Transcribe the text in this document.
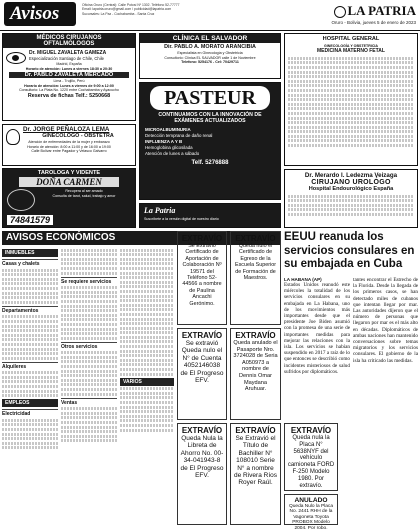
Avisos	Oficina Oruro (Central): Calle Potosí Nº 1302. Teléfono 52-77777
Email: lapatria.oruro@gmail.com / publicidad@lapatria.com
Sucursales: La Paz - Cochabamba - Santa Cruz	LA PATRIA
Oruro - Bolivia, jueves 5 de enero de 2023
MÉDICOS CIRUJANOS
OFTALMÓLOGOS
Dr. MIGUEL ZAVALETA GAMEZA
Especialización Santiago de Chile, Chile
Madrid, España
Horario de atención: Lunes a viernes 18:30 a 20:30
Dr. PABLO ZAVALETA MERCADO
Lima - Trujillo, Perú
Horario de atención: Lunes a viernes de 9:00 a 12:00
Consultorio: La Plata No. 1220 entre Cochabamba y Ayacucho
Reserva de fichas Telf.: 5250668
Dr. JORGE PEÑALOZA LEMA
GINECÓLOGO - OBSTETRA
Atención de enfermedades de la mujer y embarazo
Horario de atención: 8:00 a 11:00 y de 16:00 a 19:00
Calle Bolívar entre Pagador y Velasco Galvarro
TAROLOGA Y VIDENTE
DOÑA CARMEN
Recupera al ser amado
Consulta de tarot, salud, trabajo y amor
74841579
CLÍNICA EL SALVADOR
Dir. PABLO A. MORATO ARANCIBIA
Especialista en Ginecología y Obstetricia
Consultorio: Clínica EL SALVADOR calle 1 de Noviembre
Telefono: 5254176 - Cel: 70429711
PASTEUR
CONTINUAMOS CON LA INNOVACIÓN DE EXÁMENES ACTUALIZADOS
MICROALBUMINURIA
Detección temprana de daño renal
INFLUENZA A Y B
Hemoglobina glicosilada
Atención de lunes a sábado
Telf. 5276888
La Patria
Suscríbete a la versión digital de nuestro diario
HOSPITAL GENERAL
GINECOLOGÍA Y OBSTETRICIA
MEDICINA MATERNO FETAL
Dr. Merardo I. Ledezma Veizaga
CIRUJANO UROLÓGO
Hospital Endourológico España
AVISOS ECONÓMICOS
INMUEBLES
Casas y chalets
Departamentos
Alquileres
EMPLEOS
Electricidad
Se requiere servicios
Otros servicios
Ventas
VARIOS
EXTRAVÍO
Se Extravió Certificado de Aportación de Colaboración Nº 19571 del Teléfono 52-44566 a nombre de Paulina Ancachi Gerónimo.
EXTRAVÍO
Se extravió Queda nulo el N° de Cuenta 4052146038 de El Progreso EFV.
EXTRAVÍO
Queda Nula la Libreta de Ahorro No. 00-34-041943-8 de El Progreso EFV.
EXTRAVÍO
Queda anulado el Pasaporte Nro. 3724028 de Seria A050973 a nombre de Dennis Omar Maydana Aruhuar.
EXTRAVÍO
Se Extravió el Título de Bachiller N° 108010 Serie N° a nombre de Rivera Ríos Royer Raúl.
EXTRAVÍO
Queda nula la Placa N° 5638NYF del vehículo camioneta FORD F-250 Modelo 1980. Por extravío.
EXTRAVÍO
Queda nulo el Certificado de Egreso de la Escuela Superior de Formación de Maestros.
ANULADO
Queda Nulo la Placa No. 2441 RHH de la Vagoneta Toyota PROBOX Modelo 2004. Por robo.
EEUU reanuda los servicios consulares en su embajada en Cuba
LA HABANA (AP)
Estados Unidos reanudó este miércoles la totalidad de los servicios consulares en su embajada en La Habana, uno de los movimientos más importantes desde que el presidente Joe Biden asumió con la promesa de una serie de importantes medidas para mejorar las relaciones con la isla. Los servicios se habían suspendido en 2017 a raíz de lo que entonces se describió como incidentes misteriosos de salud sufridos por diplomáticos.
tantes encontrar el Estrecho de la Florida. Desde la llegada de los primeros casos, se han detectado miles de cubanos que intentan llegar por mar. Las autoridades dijeron que el número de personas que llegaron por mar es el más alto en décadas. Diplomáticos de ambas naciones han mantenido conversaciones sobre temas migratorios y los servicios consulares. El gobierno de la isla ha criticado las medidas.
